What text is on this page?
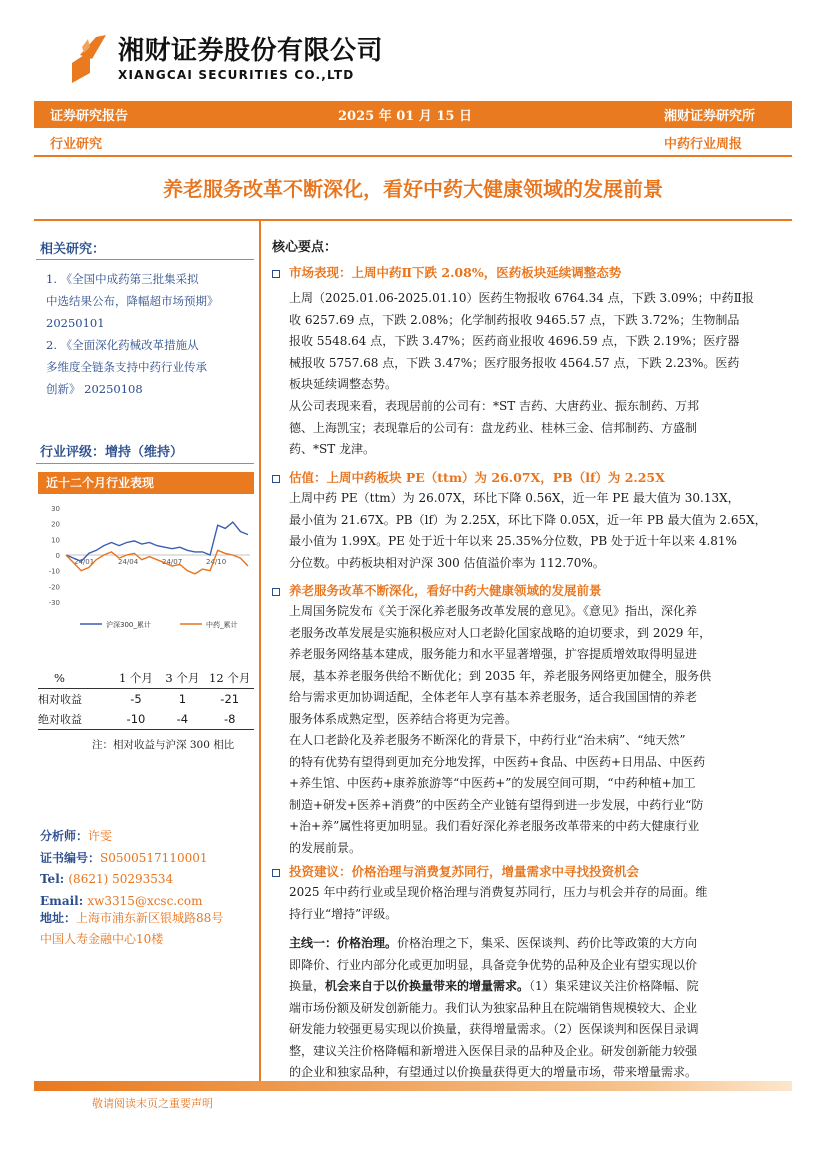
湘财证券股份有限公司
XIANGCAI SECURITIES CO.,LTD
证券研究报告	2025 年 01 月 15 日	湘财证券研究所
行业研究	中药行业周报
养老服务改革不断深化，看好中药大健康领域的发展前景
相关研究：
1. 《全国中成药第三批集采拟
中选结果公布，降幅超市场预期》
20250101
2. 《全面深化药械改革措施从
多维度全链条支持中药行业传承
创新》 20250108
行业评级：增持（维持）
近十二个月行业表现
30
20
10
0
-10
-20
-30
24/01	24/04	24/07	24/10
沪深300_累计	中药_累计
%	1 个月	3 个月	12 个月
相对收益	-5	1	-21
绝对收益	-10	-4	-8
注：相对收益与沪深 300 相比
分析师：许雯
证书编号：S0500517110001
Tel: (8621) 50293534
Email: xw3315@xcsc.com
地址：上海市浦东新区银城路88号
中国人寿金融中心10楼
核心要点：
市场表现：上周中药Ⅱ下跌 2.08%，医药板块延续调整态势
上周（2025.01.06-2025.01.10）医药生物报收 6764.34 点，下跌 3.09%；中药Ⅱ报
收 6257.69 点，下跌 2.08%；化学制药报收 9465.57 点，下跌 3.72%；生物制品
报收 5548.64 点，下跌 3.47%；医药商业报收 4696.59 点，下跌 2.19%；医疗器
械报收 5757.68 点，下跌 3.47%；医疗服务报收 4564.57 点，下跌 2.23%。医药
板块延续调整态势。
从公司表现来看，表现居前的公司有：*ST 吉药、大唐药业、振东制药、万邦
德、上海凯宝；表现靠后的公司有：盘龙药业、桂林三金、信邦制药、方盛制
药、*ST 龙津。
估值：上周中药板块 PE（ttm）为 26.07X，PB（lf）为 2.25X
上周中药 PE（ttm）为 26.07X，环比下降 0.56X，近一年 PE 最大值为 30.13X，
最小值为 21.67X。PB（lf）为 2.25X，环比下降 0.05X，近一年 PB 最大值为 2.65X，
最小值为 1.99X。PE 处于近十年以来 25.35%分位数，PB 处于近十年以来 4.81%
分位数。中药板块相对沪深 300 估值溢价率为 112.70%。
养老服务改革不断深化，看好中药大健康领域的发展前景
上周国务院发布《关于深化养老服务改革发展的意见》。《意见》指出，深化养
老服务改革发展是实施积极应对人口老龄化国家战略的迫切要求，到 2029 年，
养老服务网络基本建成，服务能力和水平显著增强，扩容提质增效取得明显进
展，基本养老服务供给不断优化；到 2035 年，养老服务网络更加健全，服务供
给与需求更加协调适配，全体老年人享有基本养老服务，适合我国国情的养老
服务体系成熟定型，医养结合将更为完善。
在人口老龄化及养老服务不断深化的背景下，中药行业“治未病”、“纯天然”
的特有优势有望得到更加充分地发挥，中医药+食品、中医药+日用品、中医药
+养生馆、中医药+康养旅游等“中医药+”的发展空间可期，“中药种植+加工
制造+研发+医养+消费”的中医药全产业链有望得到进一步发展，中药行业“防
+治+养”属性将更加明显。我们看好深化养老服务改革带来的中药大健康行业
的发展前景。
投资建议：价格治理与消费复苏同行，增量需求中寻找投资机会
2025 年中药行业或呈现价格治理与消费复苏同行，压力与机会并存的局面。维
持行业“增持”评级。
主线一：价格治理。价格治理之下，集采、医保谈判、药价比等政策的大方向
即降价、行业内部分化或更加明显，具备竞争优势的品种及企业有望实现以价
换量，机会来自于以价换量带来的增量需求。（1）集采建议关注价格降幅、院
端市场份额及研发创新能力。我们认为独家品种且在院端销售规模较大、企业
研发能力较强更易实现以价换量，获得增量需求。（2）医保谈判和医保目录调
整，建议关注价格降幅和新增进入医保目录的品种及企业。研发创新能力较强
的企业和独家品种，有望通过以价换量获得更大的增量市场，带来增量需求。
敬请阅读末页之重要声明
